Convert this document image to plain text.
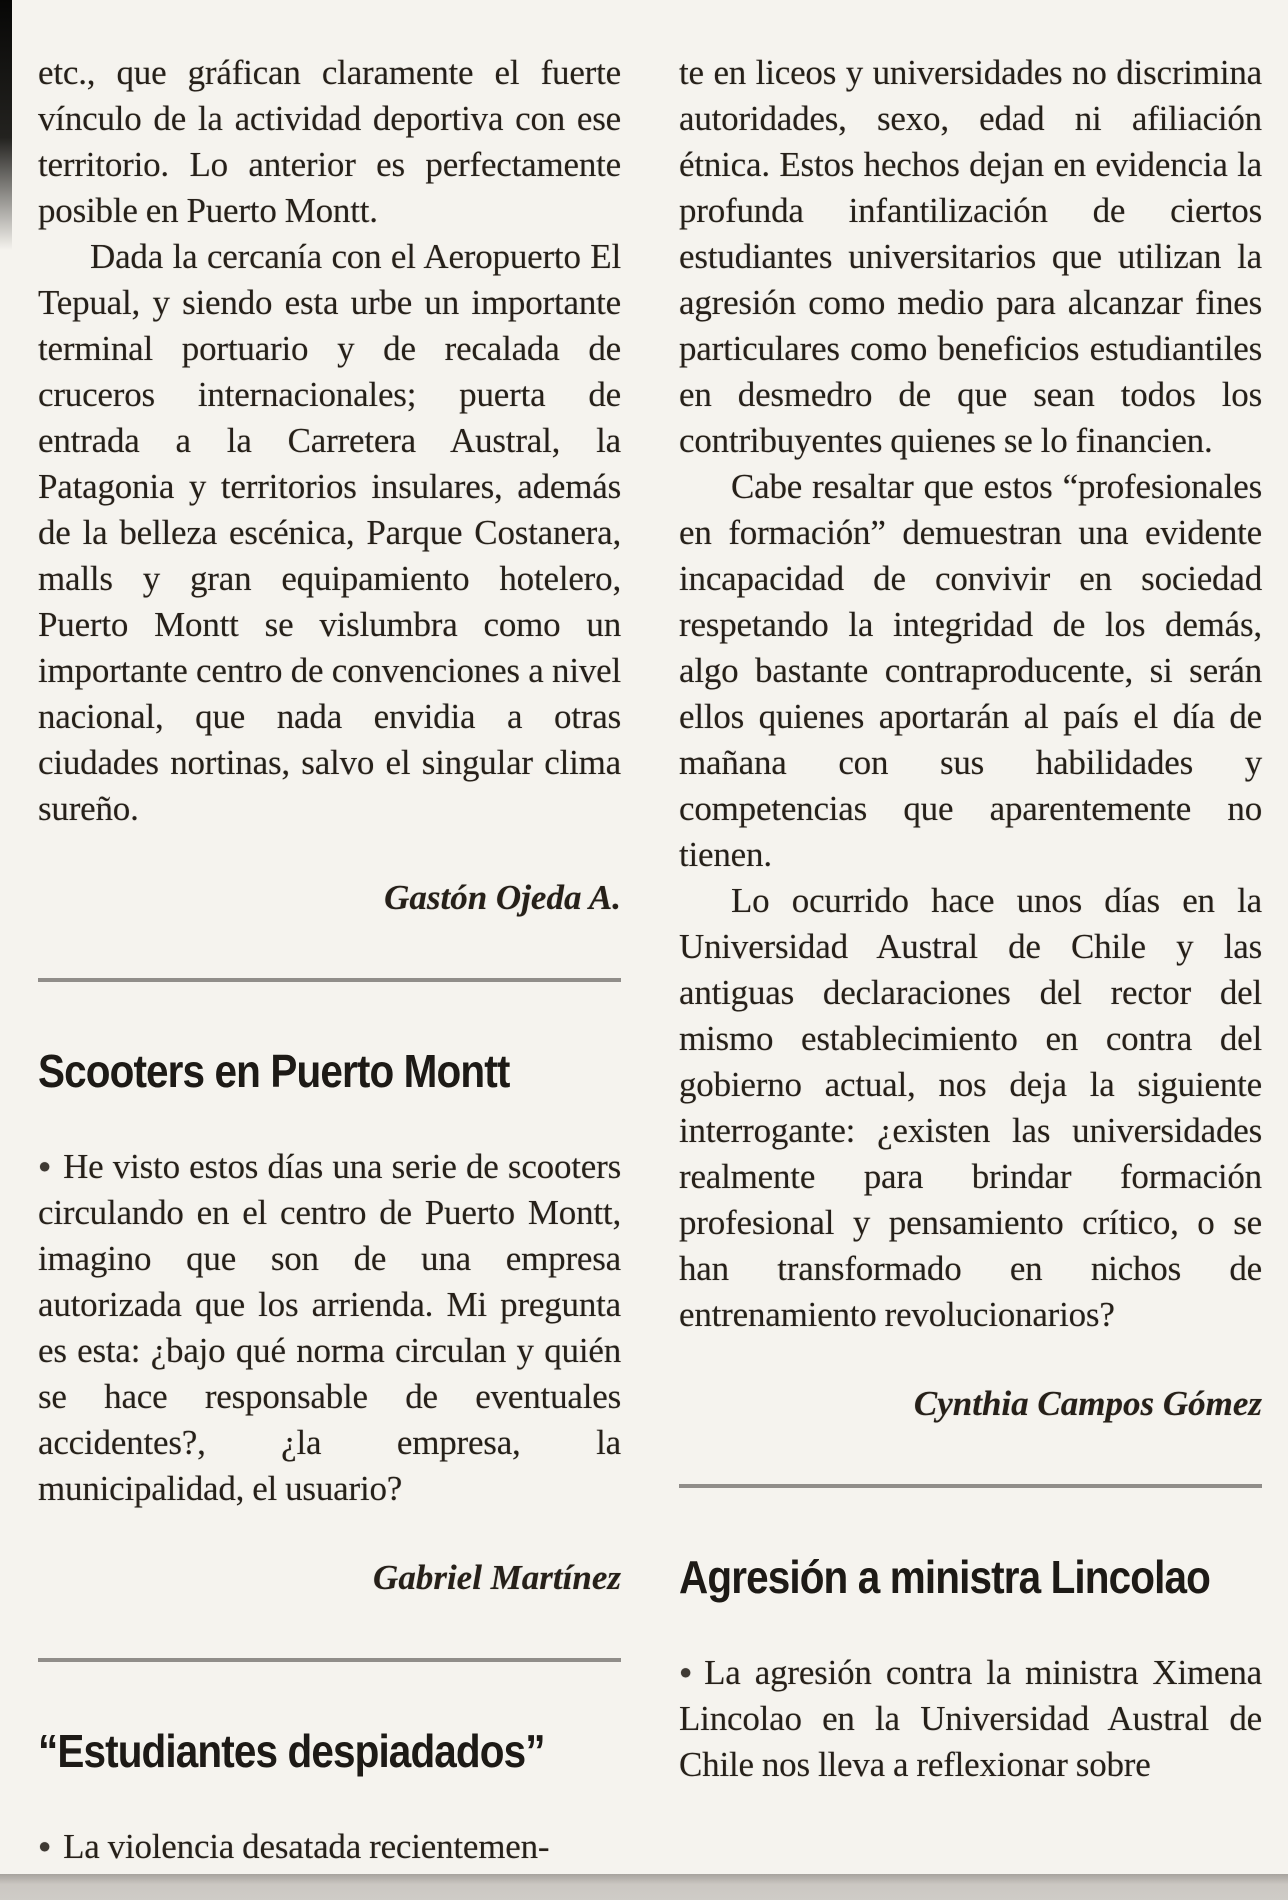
etc., que gráfican claramente el fuerte vínculo de la actividad deportiva con ese territorio. Lo anterior es perfectamente posible en Puerto Montt.

Dada la cercanía con el Aeropuerto El Tepual, y siendo esta urbe un importante terminal portuario y de recalada de cruceros internacionales; puerta de entrada a la Carretera Austral, la Patagonia y territorios insulares, además de la belleza escénica, Parque Costanera, malls y gran equipamiento hotelero, Puerto Montt se vislumbra como un importante centro de convenciones a nivel nacional, que nada envidia a otras ciudades nortinas, salvo el singular clima sureño.

Gastón Ojeda A.

Scooters en Puerto Montt

● He visto estos días una serie de scooters circulando en el centro de Puerto Montt, imagino que son de una empresa autorizada que los arrienda. Mi pregunta es esta: ¿bajo qué norma circulan y quién se hace responsable de eventuales accidentes?, ¿la empresa, la municipalidad, el usuario?

Gabriel Martínez

“Estudiantes despiadados”

● La violencia desatada recientemen-

te en liceos y universidades no discrimina autoridades, sexo, edad ni afiliación étnica. Estos hechos dejan en evidencia la profunda infantilización de ciertos estudiantes universitarios que utilizan la agresión como medio para alcanzar fines particulares como beneficios estudiantiles en desmedro de que sean todos los contribuyentes quienes se lo financien.

Cabe resaltar que estos “profesionales en formación” demuestran una evidente incapacidad de convivir en sociedad respetando la integridad de los demás, algo bastante contraproducente, si serán ellos quienes aportarán al país el día de mañana con sus habilidades y competencias que aparentemente no tienen.

Lo ocurrido hace unos días en la Universidad Austral de Chile y las antiguas declaraciones del rector del mismo establecimiento en contra del gobierno actual, nos deja la siguiente interrogante: ¿existen las universidades realmente para brindar formación profesional y pensamiento crítico, o se han transformado en nichos de entrenamiento revolucionarios?

Cynthia Campos Gómez

Agresión a ministra Lincolao

● La agresión contra la ministra Ximena Lincolao en la Universidad Austral de Chile nos lleva a reflexionar sobre
